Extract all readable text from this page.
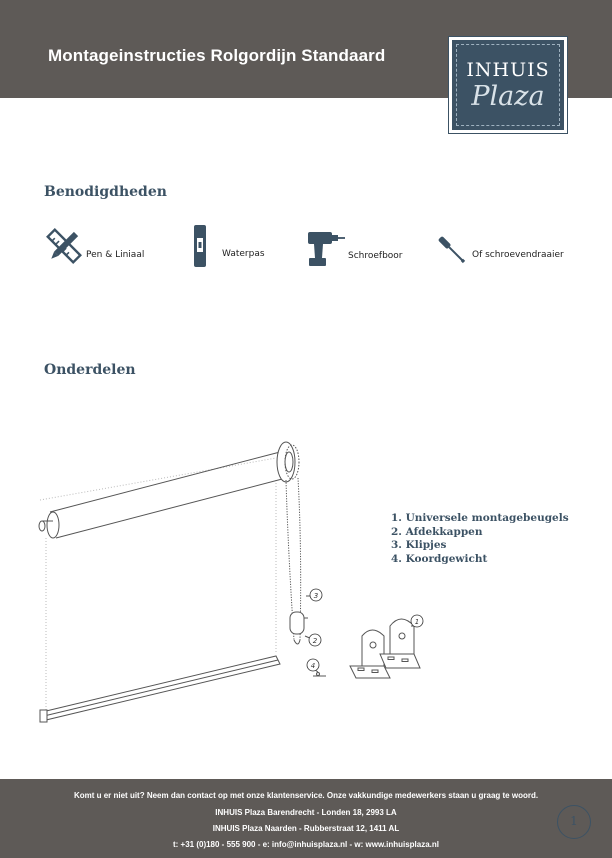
Montageinstructies Rolgordijn Standaard
INHUIS
Plaza
Benodigdheden
Pen & Liniaal	Waterpas	Schroefboor	Of schroevendraaier
Onderdelen
1
2
3
4
1. Universele montagebeugels
2. Afdekkappen
3. Klipjes
4. Koordgewicht
Komt u er niet uit? Neem dan contact op met onze klantenservice. Onze vakkundige medewerkers staan u graag te woord.
INHUIS Plaza Barendrecht - Londen 18, 2993 LA
INHUIS Plaza Naarden - Rubberstraat 12, 1411 AL
t: +31 (0)180 - 555 900 - e: info@inhuisplaza.nl - w: www.inhuisplaza.nl
1
